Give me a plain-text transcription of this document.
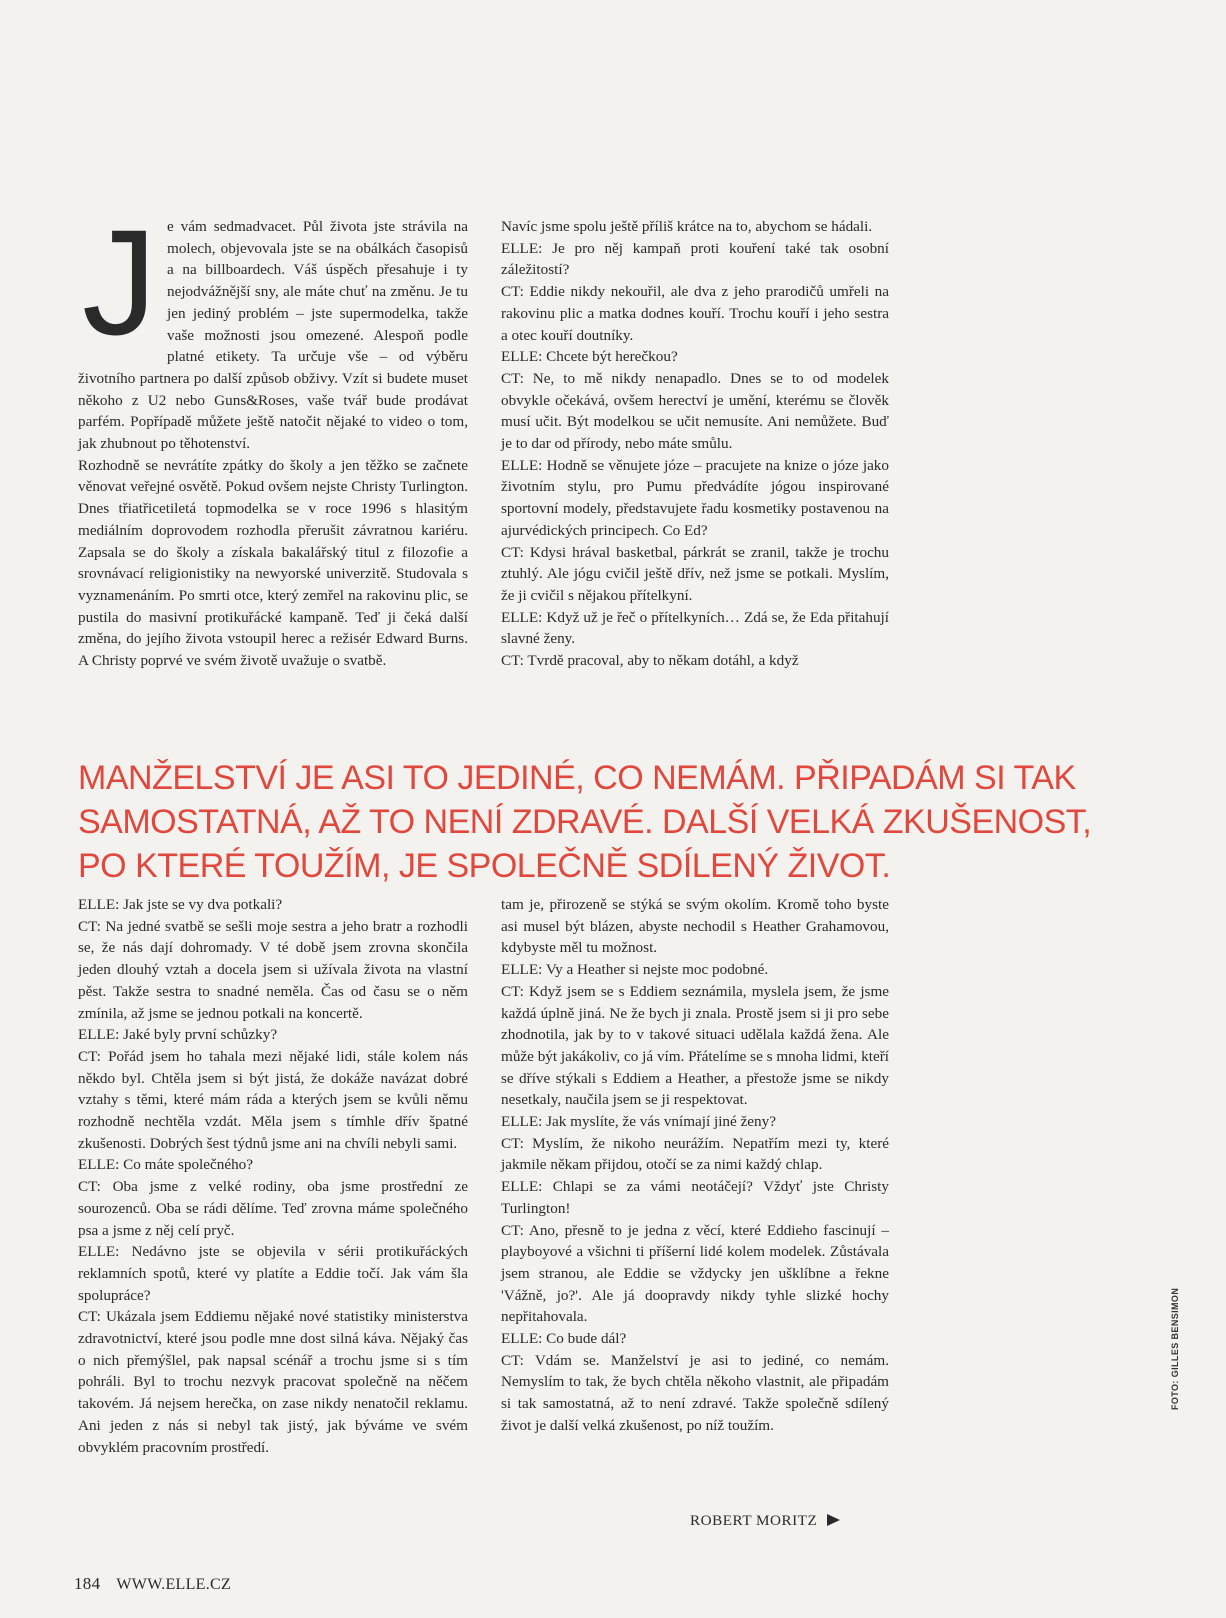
Je vám sedmadvacet. Půl života jste strávila na molech, objevovala jste se na obálkách časopisů a na billboardech. Váš úspěch přesahuje i ty nejodvážnější sny, ale máte chuť na změnu. Je tu jen jediný problém – jste supermodelka, takže vaše možnosti jsou omezené. Alespoň podle platné etikety. Ta určuje vše – od výběru životního partnera po další způsob obživy. Vzít si budete muset někoho z U2 nebo Guns&Roses, vaše tvář bude prodávat parfém. Popřípadě můžete ještě natočit nějaké to video o tom, jak zhubnout po těhotenství.

Rozhodně se nevrátíte zpátky do školy a jen těžko se začnete věnovat veřejné osvětě. Pokud ovšem nejste Christy Turlington. Dnes třiatřicetiletá topmodelka se v roce 1996 s hlasitým mediálním doprovodem rozhodla přerušit závratnou kariéru. Zapsala se do školy a získala bakalářský titul z filozofie a srovnávací religionistiky na newyorské univerzitě. Studovala s vyznamenáním. Po smrti otce, který zemřel na rakovinu plic, se pustila do masivní protikuřácké kampaně. Teď ji čeká další změna, do jejího života vstoupil herec a režisér Edward Burns. A Christy poprvé ve svém životě uvažuje o svatbě.

Navíc jsme spolu ještě příliš krátce na to, abychom se hádali.

ELLE: Je pro něj kampaň proti kouření také tak osobní záležitostí?

CT: Eddie nikdy nekouřil, ale dva z jeho prarodičů umřeli na rakovinu plic a matka dodnes kouří. Trochu kouří i jeho sestra a otec kouří doutníky.

ELLE: Chcete být herečkou?

CT: Ne, to mě nikdy nenapadlo. Dnes se to od modelek obvykle očekává, ovšem herectví je umění, kterému se člověk musí učit. Být modelkou se učit nemusíte. Ani nemůžete. Buď je to dar od přírody, nebo máte smůlu.

ELLE: Hodně se věnujete józe – pracujete na knize o józe jako životním stylu, pro Pumu předvádíte jógou inspirované sportovní modely, představujete řadu kosmetiky postavenou na ajurvédických principech. Co Ed?

CT: Kdysi hrával basketbal, párkrát se zranil, takže je trochu ztuhlý. Ale jógu cvičil ještě dřív, než jsme se potkali. Myslím, že ji cvičil s nějakou přítelkyní.

ELLE: Když už je řeč o přítelkyních… Zdá se, že Eda přitahují slavné ženy.

CT: Tvrdě pracoval, aby to někam dotáhl, a když

MANŽELSTVÍ JE ASI TO JEDINÉ, CO NEMÁM. PŘIPADÁM SI TAK
SAMOSTATNÁ, AŽ TO NENÍ ZDRAVÉ. DALŠÍ VELKÁ ZKUŠENOST,
PO KTERÉ TOUŽÍM, JE SPOLEČNĚ SDÍLENÝ ŽIVOT.

ELLE: Jak jste se vy dva potkali?

CT: Na jedné svatbě se sešli moje sestra a jeho bratr a rozhodli se, že nás dají dohromady. V té době jsem zrovna skončila jeden dlouhý vztah a docela jsem si užívala života na vlastní pěst. Takže sestra to snadné neměla. Čas od času se o něm zmínila, až jsme se jednou potkali na koncertě.

ELLE: Jaké byly první schůzky?

CT: Pořád jsem ho tahala mezi nějaké lidi, stále kolem nás někdo byl. Chtěla jsem si být jistá, že dokáže navázat dobré vztahy s těmi, které mám ráda a kterých jsem se kvůli němu rozhodně nechtěla vzdát. Měla jsem s tímhle dřív špatné zkušenosti. Dobrých šest týdnů jsme ani na chvíli nebyli sami.

ELLE: Co máte společného?

CT: Oba jsme z velké rodiny, oba jsme prostřední ze sourozenců. Oba se rádi dělíme. Teď zrovna máme společného psa a jsme z něj celí pryč.

ELLE: Nedávno jste se objevila v sérii protikuřáckých reklamních spotů, které vy platíte a Eddie točí. Jak vám šla spolupráce?

CT: Ukázala jsem Eddiemu nějaké nové statistiky ministerstva zdravotnictví, které jsou podle mne dost silná káva. Nějaký čas o nich přemýšlel, pak napsal scénář a trochu jsme si s tím pohráli. Byl to trochu nezvyk pracovat společně na něčem takovém. Já nejsem herečka, on zase nikdy nenatočil reklamu. Ani jeden z nás si nebyl tak jistý, jak býváme ve svém obvyklém pracovním prostředí.

tam je, přirozeně se stýká se svým okolím. Kromě toho byste asi musel být blázen, abyste nechodil s Heather Grahamovou, kdybyste měl tu možnost.

ELLE: Vy a Heather si nejste moc podobné.

CT: Když jsem se s Eddiem seznámila, myslela jsem, že jsme každá úplně jiná. Ne že bych ji znala. Prostě jsem si ji pro sebe zhodnotila, jak by to v takové situaci udělala každá žena. Ale může být jakákoliv, co já vím. Přátelíme se s mnoha lidmi, kteří se dříve stýkali s Eddiem a Heather, a přestože jsme se nikdy nesetkaly, naučila jsem se ji respektovat.

ELLE: Jak myslíte, že vás vnímají jiné ženy?

CT: Myslím, že nikoho neurážím. Nepatřím mezi ty, které jakmile někam přijdou, otočí se za nimi každý chlap.

ELLE: Chlapi se za vámi neotáčejí? Vždyť jste Christy Turlington!

CT: Ano, přesně to je jedna z věcí, které Eddieho fascinují – playboyové a všichni ti příšerní lidé kolem modelek. Zůstávala jsem stranou, ale Eddie se vždycky jen ušklíbne a řekne 'Vážně, jo?'. Ale já doopravdy nikdy tyhle slizké hochy nepřitahovala.

ELLE: Co bude dál?

CT: Vdám se. Manželství je asi to jediné, co nemám. Nemyslím to tak, že bych chtěla někoho vlastnit, ale připadám si tak samostatná, až to není zdravé. Takže společně sdílený život je další velká zkušenost, po níž toužím.

ROBERT MORITZ
184 WWW.ELLE.CZ
FOTO: GILLES BENSIMON
